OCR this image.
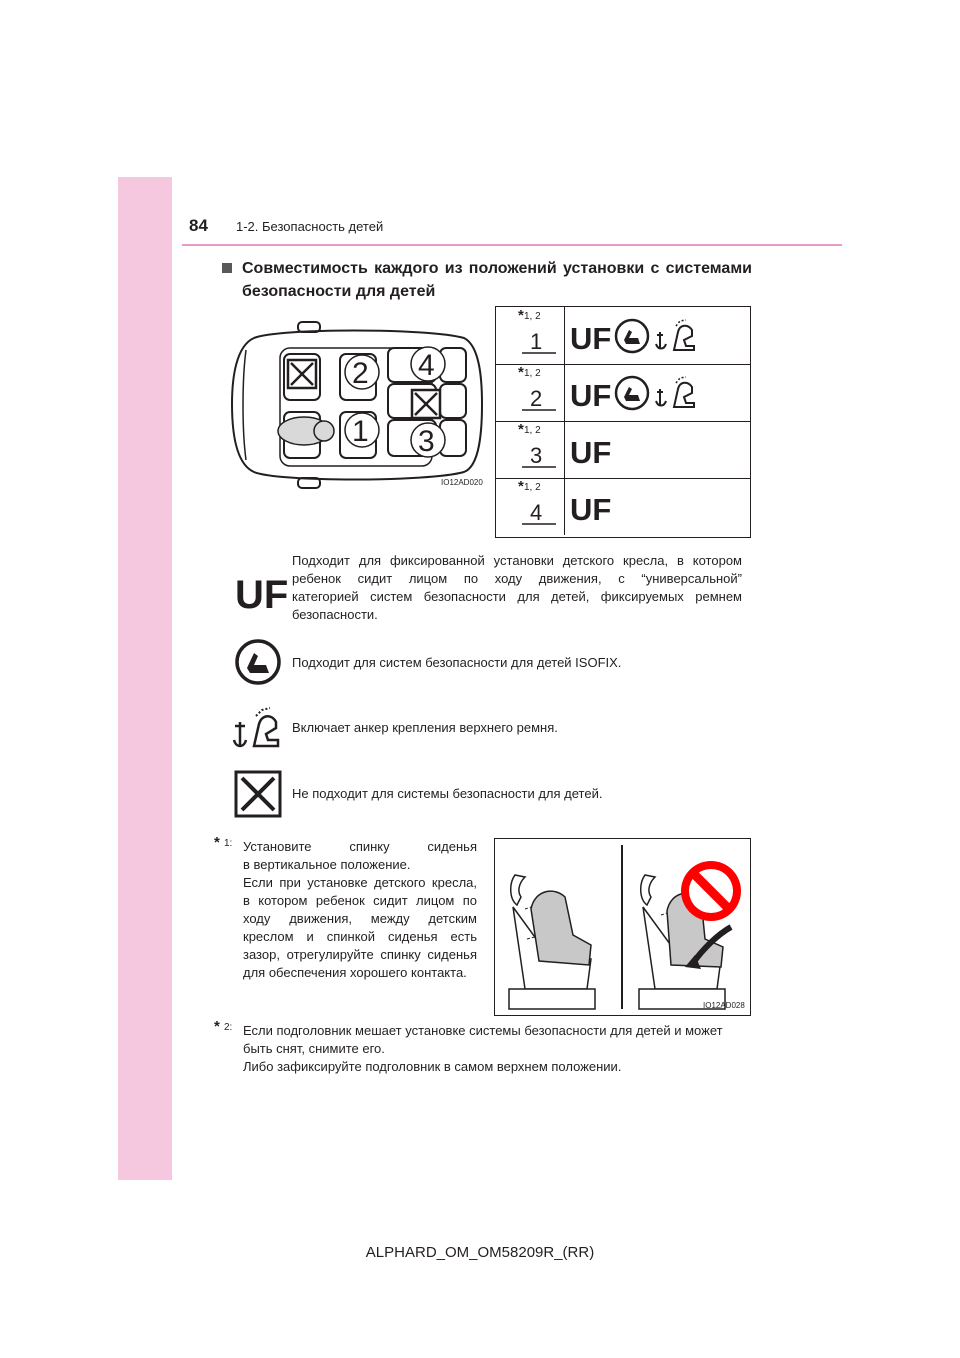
84 1-2. Безопасность детей
Совместимость каждого из положений установки с системами
безопасности для детей
2 4
1 3
IO12AD020
* 1, 2
1 UF
* 1, 2
2 UF
* 1, 2
3 UF
* 1, 2
4 UF
UF
Подходит для фиксированной установки детского кресла, в котором
ребенок сидит лицом по ходу движения, с “универсальной”
категорией систем безопасности для детей, фиксируемых ремнем
безопасности.
Подходит для систем безопасности для детей ISOFIX.
Включает анкер крепления верхнего ремня.
Не подходит для системы безопасности для детей.
* 1: Установите спинку сиденья
в вертикальное положение.
Если при установке детского кресла,
в котором ребенок сидит лицом по
ходу движения, между детским
креслом и спинкой сиденья есть
зазор, отрегулируйте спинку сиденья
для обеспечения хорошего контакта.
IO12AD028
* 2: Если подголовник мешает установке системы безопасности для детей и может
быть снят, снимите его.
Либо зафиксируйте подголовник в самом верхнем положении.
ALPHARD_OM_OM58209R_(RR)
